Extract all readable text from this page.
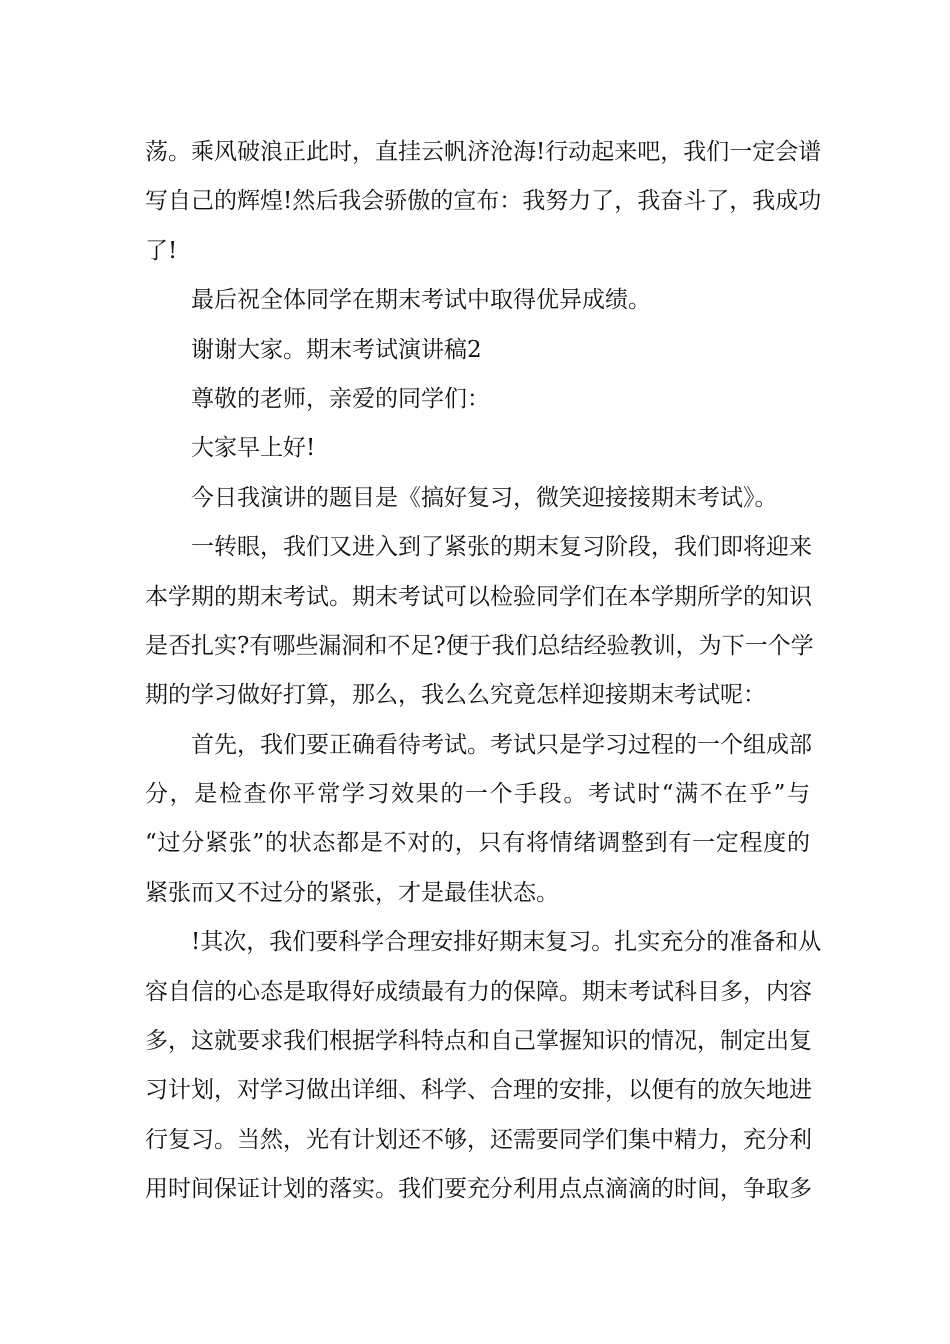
荡。乘风破浪正此时，直挂云帆济沧海!行动起来吧，我们一定会谱
写自己的辉煌!然后我会骄傲的宣布：我努力了，我奋斗了，我成功
了!
最后祝全体同学在期末考试中取得优异成绩。
谢谢大家。期末考试演讲稿2
尊敬的老师，亲爱的同学们：
大家早上好!
今日我演讲的题目是《搞好复习，微笑迎接接期末考试》。
一转眼，我们又进入到了紧张的期末复习阶段，我们即将迎来
本学期的期末考试。期末考试可以检验同学们在本学期所学的知识
是否扎实?有哪些漏洞和不足?便于我们总结经验教训，为下一个学
期的学习做好打算，那么，我么么究竟怎样迎接期末考试呢：
首先，我们要正确看待考试。考试只是学习过程的一个组成部
分，是检查你平常学习效果的一个手段。考试时“满不在乎”与
“过分紧张”的状态都是不对的，只有将情绪调整到有一定程度的
紧张而又不过分的紧张，才是最佳状态。
!其次，我们要科学合理安排好期末复习。扎实充分的准备和从
容自信的心态是取得好成绩最有力的保障。期末考试科目多，内容
多，这就要求我们根据学科特点和自己掌握知识的情况，制定出复
习计划，对学习做出详细、科学、合理的安排，以便有的放矢地进
行复习。当然，光有计划还不够，还需要同学们集中精力，充分利
用时间保证计划的落实。我们要充分利用点点滴滴的时间，争取多
